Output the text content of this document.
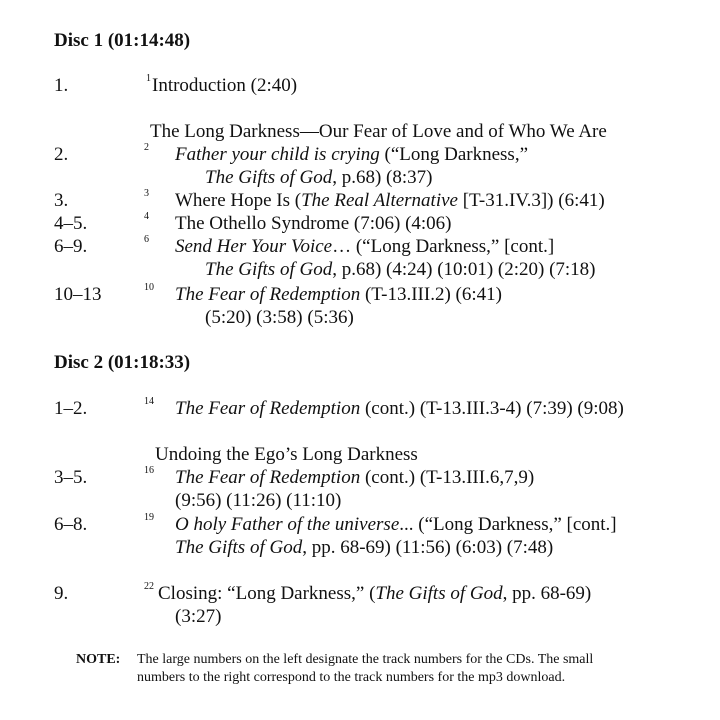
Disc 1 (01:14:48)
1.	1 Introduction (2:40)
The Long Darkness—Our Fear of Love and of Who We Are
2.	2 Father your child is crying (“Long Darkness,”
The Gifts of God, p.68) (8:37)
3.	3 Where Hope Is (The Real Alternative [T-31.IV.3]) (6:41)
4–5.	4 The Othello Syndrome (7:06) (4:06)
6–9.	6 Send Her Your Voice… (“Long Darkness,” [cont.]
The Gifts of God, p.68) (4:24) (10:01) (2:20) (7:18)
10–13	10 The Fear of Redemption (T-13.III.2) (6:41)
(5:20) (3:58) (5:36)
Disc 2 (01:18:33)
1–2.	14 The Fear of Redemption (cont.) (T-13.III.3-4) (7:39) (9:08)
Undoing the Ego’s Long Darkness
3–5.	16 The Fear of Redemption (cont.) (T-13.III.6,7,9)
(9:56) (11:26) (11:10)
6–8.	19 O holy Father of the universe... (“Long Darkness,” [cont.]
The Gifts of God, pp. 68-69) (11:56) (6:03) (7:48)
9.	22 Closing: “Long Darkness,” (The Gifts of God, pp. 68-69)
(3:27)
NOTE: The large numbers on the left designate the track numbers for the CDs. The small
numbers to the right correspond to the track numbers for the mp3 download.
